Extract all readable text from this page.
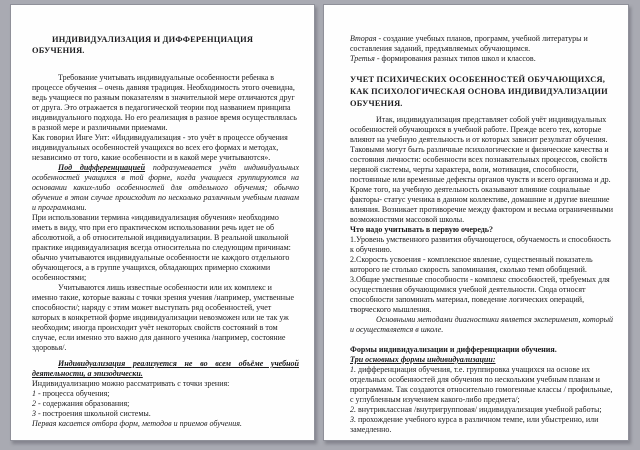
ИНДИВИДУАЛИЗАЦИЯ И ДИФФЕРЕНЦИАЦИЯ ОБУЧЕНИЯ.

Требование учитывать индивидуальные особенности ребенка в процессе обучения – очень давняя традиция. Необходимость этого очевидна, ведь учащиеся по разным показателям в значительной мере отличаются друг от друга. Это отражается в педагогической теории под названием принципа индивидуального подхода. Но его реализация в разное время осуществлялась в разной мере и различными приемами.

Как говорил Инге Унт: «Индивидуализация - это учёт в процессе обучения индивидуальных особенностей учащихся во всех его формах и методах, независимо от того, какие особенности и в какой мере учитываются».

Под дифференциацией подразумевается учёт индивидуальных особенностей учащихся в той форме, когда учащиеся группируются на основании каких-либо особенностей для отдельного обучения; обычно обучение в этом случае происходит по несколько различным учебным планам и программами.

При использовании термина «индивидуализация обучения» необходимо иметь в виду, что при его практическом использовании речь идет не об абсолютной, а об относительной индивидуализации. В реальной школьной практике индивидуализация всегда относительна по следующим причинам: обычно учитываются индивидуальные особенности не каждого отдельного обучающегося, а в группе учащихся, обладающих примерно схожими особенностями;

Учитываются лишь известные особенности или их комплекс и именно такие, которые важны с точки зрения учения /например, умственные способности/; наряду с этим может выступать ряд особенностей, учет которых в конкретной форме индивидуализации невозможен или не так уж необходим; иногда происходит учёт некоторых свойств состояний в том случае, если именно это важно для данного ученика /например, состояние здоровья/.

Индивидуализация реализуется не во всем объёме учебной деятельности, а эпизодически.

Индивидуализацию можно рассматривать с точки зрения:

1 - процесса обучения;

2 - содержания образования;

3 - построения школьной системы.

Первая касается отбора форм, методов и приемов обучения.

Вторая - создание учебных планов, программ, учебной литературы и составления заданий, предъявляемых обучающимся.

Третья - формирования разных типов школ и классов.

УЧЕТ ПСИХИЧЕСКИХ ОСОБЕННОСТЕЙ ОБУЧАЮЩИХСЯ, КАК ПСИХОЛОГИЧЕСКАЯ ОСНОВА ИНДИВИДУАЛИЗАЦИИ ОБУЧЕНИЯ.

Итак, индивидуализация представляет собой учёт индивидуальных особенностей обучающихся в учебной работе. Прежде всего тех, которые влияют на учебную деятельность и от которых зависит результат обучения. Таковыми могут быть различные психологические и физические качества и состояния личности: особенности всех познавательных процессов, свойств нервной системы, черты характера, воли, мотивация, способности, постоянные или временные дефекты органов чувств и всего организма и др. Кроме того, на учебную деятельность оказывают влияние социальные факторы- статус ученика в данном коллективе, домашние и другие внешние влияния. Возникает противоречие между фактором и весьма ограниченными возможностями массовой школы.

Что надо учитывать в первую очередь?

1.Уровень умственного развития обучающегося, обучаемость и способность к обучению.

2.Скорость усвоения - комплексное явление, существенный показатель которого не столько скорость запоминания, сколько темп обобщений.

3.Общие умственные способности - комплекс способностей, требуемых для осуществления обучающимися учебной деятельности. Сюда относят способности запоминать материал, поведение логических операций, творческого мышления.

Основными методами диагностики является эксперимент, который и осуществляется в школе.

Формы индивидуализации и дифференциации обучения.

Три основных формы индивидуализации:

1. дифференциация обучения, т.е. группировка учащихся на основе их отдельных особенностей для обучения по нескольким учебным планам и программам. Так создаются относительно гомогенные классы / профильные, с углубленным изучением какого-либо предмета/;

2. внутриклассная /внутригрупповая/ индивидуализация учебной работы;

3. прохождение учебного курса в различном темпе, или убыстренно, или замедленно.
